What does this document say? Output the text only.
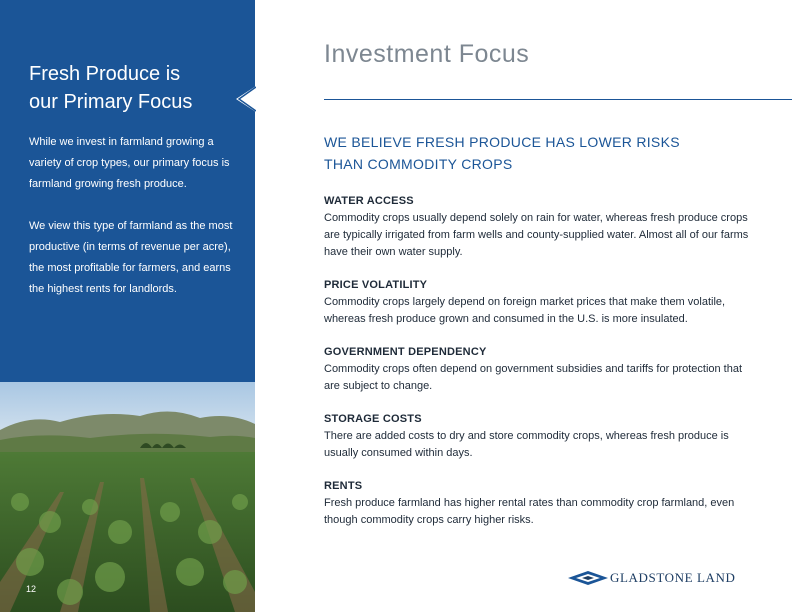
Fresh Produce is
our Primary Focus

While we invest in farmland growing a variety of crop types, our primary focus is farmland growing fresh produce.

We view this type of farmland as the most productive (in terms of revenue per acre), the most profitable for farmers, and earns the highest rents for landlords.

12
Investment Focus
WE BELIEVE FRESH PRODUCE HAS LOWER RISKS
THAN COMMODITY CROPS

WATER ACCESS

Commodity crops usually depend solely on rain for water, whereas fresh produce crops are typically irrigated from farm wells and county-supplied water. Almost all of our farms have their own water supply.

PRICE VOLATILITY

Commodity crops largely depend on foreign market prices that make them volatile, whereas fresh produce grown and consumed in the U.S. is more insulated.

GOVERNMENT DEPENDENCY

Commodity crops often depend on government subsidies and tariffs for protection that are subject to change.

STORAGE COSTS

There are added costs to dry and store commodity crops, whereas fresh produce is usually consumed within days.

RENTS

Fresh produce farmland has higher rental rates than commodity crop farmland, even though commodity crops carry higher risks.

GLADSTONE LAND
